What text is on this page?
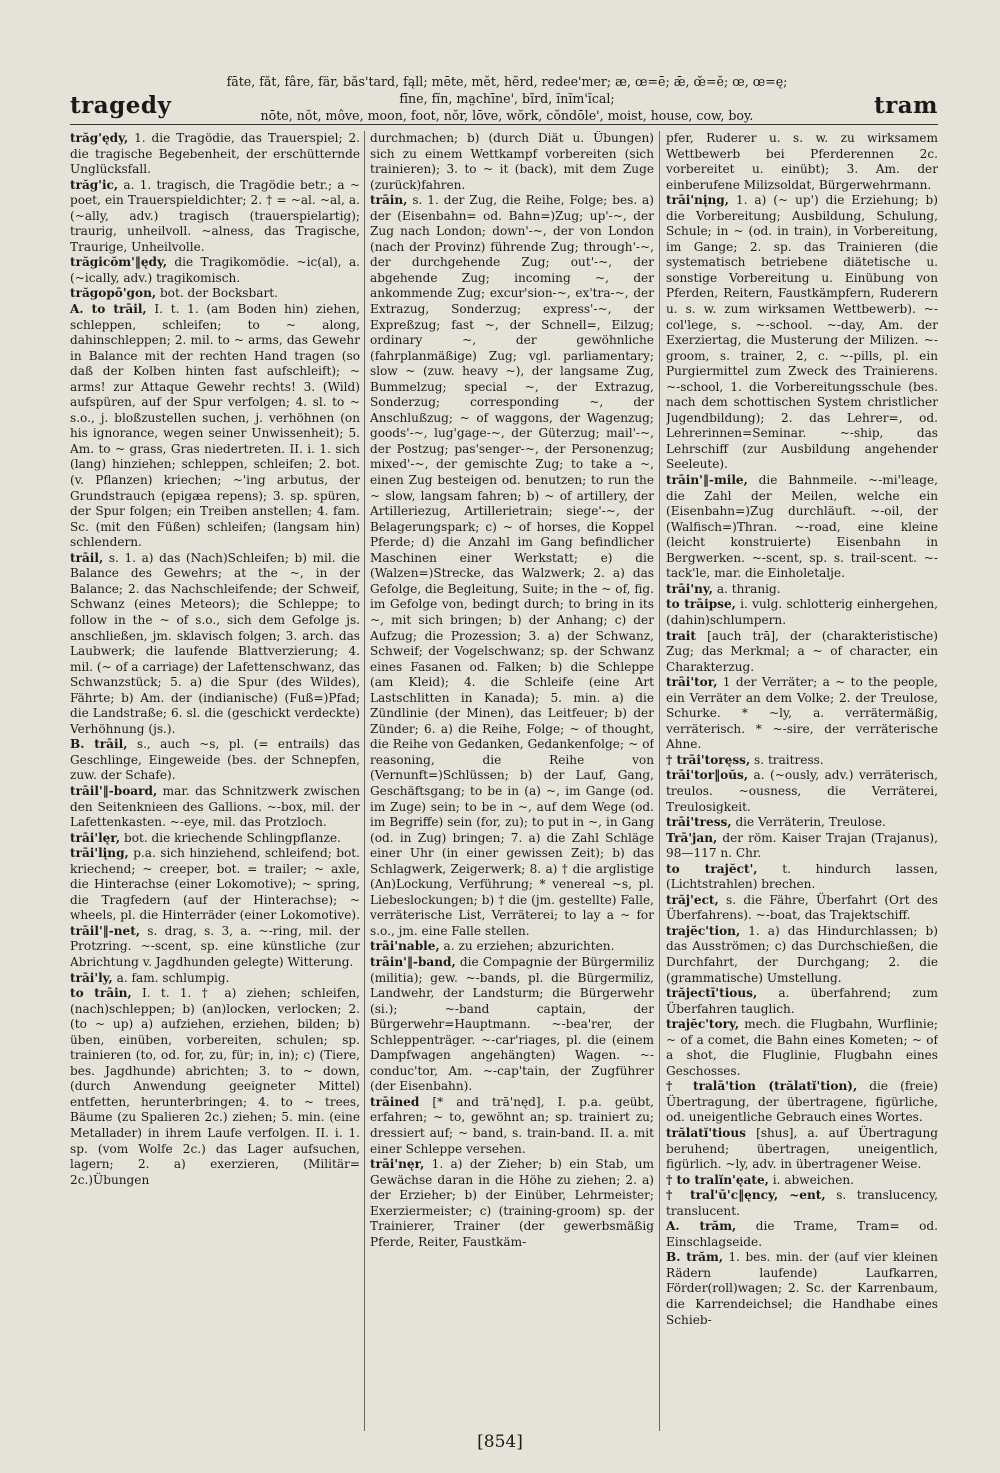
tragedy
fāte, făt, fâre, fär, băs'tard, fąll; mēte, mĕt, hẽrd, redee'mer; æ, œ=ē; ǣ, œ̆=ĕ; œ, œ=ę;
fīne, fĭn, ma̤chīne', bĩrd, ĭnĭm'ĭcal;
nōte, nŏt, môve, moon, foot, nŏr, lōve, wŏrk, cŏndōle', moist, house, cow, boy.	tram

trăg'ędy, 1. die Tragödie, das Trauerspiel; 2. die tragische Begebenheit, der erschütternde Unglücksfall.

trăg'ic, a. 1. tragisch, die Tragödie betr.; a ~ poet, ein Trauerspieldichter; 2. † = ~al. ~al, a. (~ally, adv.) tragisch (trauerspielartig); traurig, unheilvoll. ~alness, das Tragische, Traurige, Unheilvolle.

trăgicŏm'‖ędy, die Tragikomödie. ~ic(al), a. (~ically, adv.) tragikomisch.

trăgopō'gon, bot. der Bocksbart.

A. to trāil, I. t. 1. (am Boden hin) ziehen, schleppen, schleifen; to ~ along, dahinschleppen; 2. mil. to ~ arms, das Gewehr in Balance mit der rechten Hand tragen (so daß der Kolben hinten fast aufschleift); ~ arms! zur Attaque Gewehr rechts! 3. (Wild) aufspüren, auf der Spur verfolgen; 4. sl. to ~ s.o., j. bloßzustellen suchen, j. verhöhnen (on his ignorance, wegen seiner Unwissenheit); 5. Am. to ~ grass, Gras niedertreten. II. i. 1. sich (lang) hinziehen; schleppen, schleifen; 2. bot. (v. Pflanzen) kriechen; ~'ing arbutus, der Grundstrauch (epigæa repens); 3. sp. spüren, der Spur folgen; ein Treiben anstellen; 4. fam. Sc. (mit den Füßen) schleifen; (langsam hin) schlendern.

trāil, s. 1. a) das (Nach)Schleifen; b) mil. die Balance des Gewehrs; at the ~, in der Balance; 2. das Nachschleifende; der Schweif, Schwanz (eines Meteors); die Schleppe; to follow in the ~ of s.o., sich dem Gefolge js. anschließen, jm. sklavisch folgen; 3. arch. das Laubwerk; die laufende Blattverzierung; 4. mil. (~ of a carriage) der Lafettenschwanz, das Schwanzstück; 5. a) die Spur (des Wildes), Fährte; b) Am. der (indianische) (Fuß=)Pfad; die Landstraße; 6. sl. die (geschickt verdeckte) Verhöhnung (js.).

B. trāil, s., auch ~s, pl. (= entrails) das Geschlinge, Eingeweide (bes. der Schnepfen, zuw. der Schafe).

trāil'‖-board, mar. das Schnitzwerk zwischen den Seitenknieen des Gallions. ~-box, mil. der Lafettenkasten. ~-eye, mil. das Protzloch.

trāi'lęr, bot. die kriechende Schlingpflanze.

trāi'lįng, p.a. sich hinziehend, schleifend; bot. kriechend; ~ creeper, bot. = trailer; ~ axle, die Hinterachse (einer Lokomotive); ~ spring, die Tragfedern (auf der Hinterachse); ~ wheels, pl. die Hinterräder (einer Lokomotive).

trāil'‖-net, s. drag, s. 3, a. ~-ring, mil. der Protzring. ~-scent, sp. eine künstliche (zur Abrichtung v. Jagdhunden gelegte) Witterung.

trāi'ly, a. fam. schlumpig.

to trāin, I. t. 1. † a) ziehen; schleifen, (nach)schleppen; b) (an)locken, verlocken; 2. (to ~ up) a) aufziehen, erziehen, bilden; b) üben, einüben, vorbereiten, schulen; sp. trainieren (to, od. for, zu, für; in, in); c) (Tiere, bes. Jagdhunde) abrichten; 3. to ~ down, (durch Anwendung geeigneter Mittel) entfetten, herunterbringen; 4. to ~ trees, Bäume (zu Spalieren 2c.) ziehen; 5. min. (eine Metallader) in ihrem Laufe verfolgen. II. i. 1. sp. (vom Wolfe 2c.) das Lager aufsuchen, lagern; 2. a) exerzieren, (Militär= 2c.)Übungen

durchmachen; b) (durch Diät u. Übungen) sich zu einem Wettkampf vorbereiten (sich trainieren); 3. to ~ it (back), mit dem Zuge (zurück)fahren.

trāin, s. 1. der Zug, die Reihe, Folge; bes. a) der (Eisenbahn= od. Bahn=)Zug; up'-~, der Zug nach London; down'-~, der von London (nach der Provinz) führende Zug; through'-~, der durchgehende Zug; out'-~, der abgehende Zug; incoming ~, der ankommende Zug; excur'sion-~, ex'tra-~, der Extrazug, Sonderzug; express'-~, der Expreßzug; fast ~, der Schnell=, Eilzug; ordinary ~, der gewöhnliche (fahrplanmäßige) Zug; vgl. parliamentary; slow ~ (zuw. heavy ~), der langsame Zug, Bummelzug; special ~, der Extrazug, Sonderzug; corresponding ~, der Anschlußzug; ~ of waggons, der Wagenzug; goods'-~, lug'gage-~, der Güterzug; mail'-~, der Postzug; pas'senger-~, der Personenzug; mixed'-~, der gemischte Zug; to take a ~, einen Zug besteigen od. benutzen; to run the ~ slow, langsam fahren; b) ~ of artillery, der Artilleriezug, Artillerietrain; siege'-~, der Belagerungspark; c) ~ of horses, die Koppel Pferde; d) die Anzahl im Gang befindlicher Maschinen einer Werkstatt; e) die (Walzen=)Strecke, das Walzwerk; 2. a) das Gefolge, die Begleitung, Suite; in the ~ of, fig. im Gefolge von, bedingt durch; to bring in its ~, mit sich bringen; b) der Anhang; c) der Aufzug; die Prozession; 3. a) der Schwanz, Schweif; der Vogelschwanz; sp. der Schwanz eines Fasanen od. Falken; b) die Schleppe (am Kleid); 4. die Schleife (eine Art Lastschlitten in Kanada); 5. min. a) die Zündlinie (der Minen), das Leitfeuer; b) der Zünder; 6. a) die Reihe, Folge; ~ of thought, die Reihe von Gedanken, Gedankenfolge; ~ of reasoning, die Reihe von (Vernunft=)Schlüssen; b) der Lauf, Gang, Geschäftsgang; to be in (a) ~, im Gange (od. im Zuge) sein; to be in ~, auf dem Wege (od. im Begriffe) sein (for, zu); to put in ~, in Gang (od. in Zug) bringen; 7. a) die Zahl Schläge einer Uhr (in einer gewissen Zeit); b) das Schlagwerk, Zeigerwerk; 8. a) † die arglistige (An)Lockung, Verführung; * venereal ~s, pl. Liebeslockungen; b) † die (jm. gestellte) Falle, verräterische List, Verräterei; to lay a ~ for s.o., jm. eine Falle stellen.

trāi'nable, a. zu erziehen; abzurichten.

trāin'‖-band, die Compagnie der Bürgermiliz (militia); gew. ~-bands, pl. die Bürgermiliz, Landwehr, der Landsturm; die Bürgerwehr (si.); ~-band captain, der Bürgerwehr=Hauptmann. ~-bea'rer, der Schleppenträger. ~-car'riages, pl. die (einem Dampfwagen angehängten) Wagen. ~-conduc'tor, Am. ~-cap'tain, der Zugführer (der Eisenbahn).

trāined [* and trā'nęd], I. p.a. geübt, erfahren; ~ to, gewöhnt an; sp. trainiert zu; dressiert auf; ~ band, s. train-band. II. a. mit einer Schleppe versehen.

trāi'nęr, 1. a) der Zieher; b) ein Stab, um Gewächse daran in die Höhe zu ziehen; 2. a) der Erzieher; b) der Einüber, Lehrmeister; Exerziermeister; c) (training-groom) sp. der Trainierer, Trainer (der gewerbsmäßig Pferde, Reiter, Faustkäm-

pfer, Ruderer u. s. w. zu wirksamem Wettbewerb bei Pferderennen 2c. vorbereitet u. einübt); 3. Am. der einberufene Milizsoldat, Bürgerwehrmann.

trāi'nįng, 1. a) (~ up') die Erziehung; b) die Vorbereitung; Ausbildung, Schulung, Schule; in ~ (od. in train), in Vorbereitung, im Gange; 2. sp. das Trainieren (die systematisch betriebene diätetische u. sonstige Vorbereitung u. Einübung von Pferden, Reitern, Faustkämpfern, Ruderern u. s. w. zum wirksamen Wettbewerb). ~-col'lege, s. ~-school. ~-day, Am. der Exerziertag, die Musterung der Milizen. ~-groom, s. trainer, 2, c. ~-pills, pl. ein Purgiermittel zum Zweck des Trainierens. ~-school, 1. die Vorbereitungsschule (bes. nach dem schottischen System christlicher Jugendbildung); 2. das Lehrer=, od. Lehrerinnen=Seminar. ~-ship, das Lehrschiff (zur Ausbildung angehender Seeleute).

trāin'‖-mile, die Bahnmeile. ~-mi'leage, die Zahl der Meilen, welche ein (Eisenbahn=)Zug durchläuft. ~-oil, der (Walfisch=)Thran. ~-road, eine kleine (leicht konstruierte) Eisenbahn in Bergwerken. ~-scent, sp. s. trail-scent. ~-tack'le, mar. die Einholetalje.

trāi'ny, a. thranig.

to trāipse, i. vulg. schlotterig einhergehen, (dahin)schlumpern.

trait [auch trā], der (charakteristische) Zug; das Merkmal; a ~ of character, ein Charakterzug.

trāi'tor, 1 der Verräter; a ~ to the people, ein Verräter an dem Volke; 2. der Treulose, Schurke. * ~ly, a. verrätermäßig, verräterisch. * ~-sire, der verräterische Ahne.

† trāi'toręss, s. traitress.

trāi'tor‖oŭs, a. (~ously, adv.) verräterisch, treulos. ~ousness, die Verräterei, Treulosigkeit.

trāi'tress, die Verräterin, Treulose.

Trā'jan, der röm. Kaiser Trajan (Trajanus), 98—117 n. Chr.

to trajĕct', t. hindurch lassen, (Lichtstrahlen) brechen.

trăj'ect, s. die Fähre, Überfahrt (Ort des Überfahrens). ~-boat, das Trajektschiff.

trajĕc'tion, 1. a) das Hindurchlassen; b) das Ausströmen; c) das Durchschießen, die Durchfahrt, der Durchgang; 2. die (grammatische) Umstellung.

trăjectī'tious, a. überfahrend; zum Überfahren tauglich.

trajĕc'tory, mech. die Flugbahn, Wurflinie; ~ of a comet, die Bahn eines Kometen; ~ of a shot, die Fluglinie, Flugbahn eines Geschosses.

† tralā'tion (trălatĭ'tion), die (freie) Übertragung, der übertragene, figürliche, od. uneigentliche Gebrauch eines Wortes.

trălatĭ'tious [shus], a. auf Übertragung beruhend; übertragen, uneigentlich, figürlich. ~ly, adv. in übertragener Weise.

† to tralĭn'ęate, i. abweichen.

† tral'ū'c‖ęncy, ~ent, s. translucency, translucent.

A. trăm, die Trame, Tram= od. Einschlagseide.

B. trăm, 1. bes. min. der (auf vier kleinen Rädern laufende) Laufkarren, Förder(roll)wagen; 2. Sc. der Karrenbaum, die Karrendeichsel; die Handhabe eines Schieb-

[854]
